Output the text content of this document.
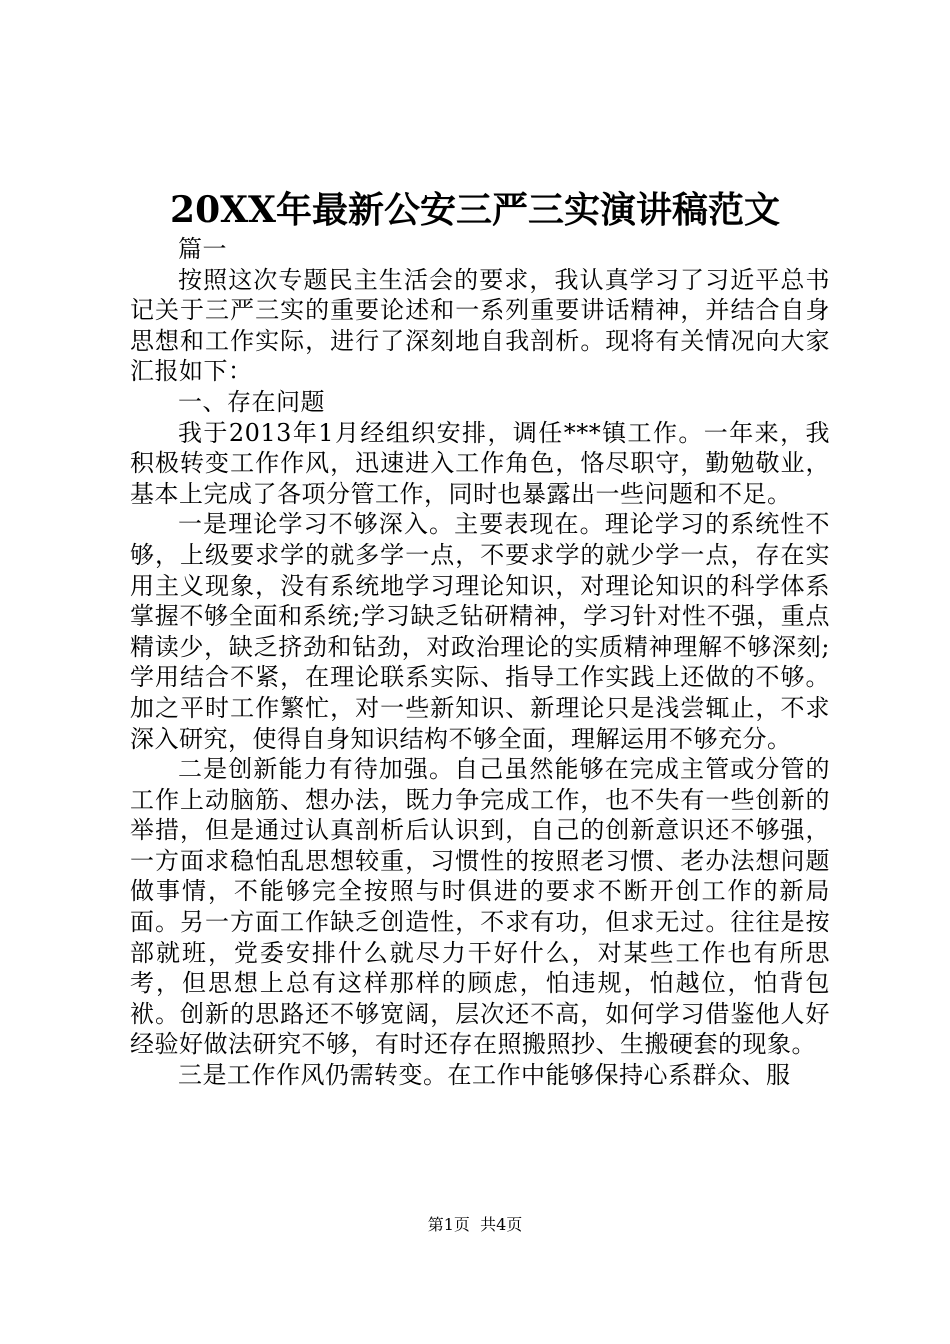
20XX年最新公安三严三实演讲稿范文

篇一

按照这次专题民主生活会的要求，我认真学习了习近平总书记关于三严三实的重要论述和一系列重要讲话精神，并结合自身思想和工作实际，进行了深刻地自我剖析。现将有关情况向大家汇报如下：

一、存在问题

我于2013年1月经组织安排，调任***镇工作。一年来，我积极转变工作作风，迅速进入工作角色，恪尽职守，勤勉敬业，基本上完成了各项分管工作，同时也暴露出一些问题和不足。

一是理论学习不够深入。主要表现在。理论学习的系统性不够，上级要求学的就多学一点，不要求学的就少学一点，存在实用主义现象，没有系统地学习理论知识，对理论知识的科学体系掌握不够全面和系统;学习缺乏钻研精神，学习针对性不强，重点精读少，缺乏挤劲和钻劲，对政治理论的实质精神理解不够深刻;学用结合不紧，在理论联系实际、指导工作实践上还做的不够。加之平时工作繁忙，对一些新知识、新理论只是浅尝辄止，不求深入研究，使得自身知识结构不够全面，理解运用不够充分。

二是创新能力有待加强。自己虽然能够在完成主管或分管的工作上动脑筋、想办法，既力争完成工作，也不失有一些创新的举措，但是通过认真剖析后认识到，自己的创新意识还不够强，一方面求稳怕乱思想较重，习惯性的按照老习惯、老办法想问题做事情，不能够完全按照与时俱进的要求不断开创工作的新局面。另一方面工作缺乏创造性，不求有功，但求无过。往往是按部就班，党委安排什么就尽力干好什么，对某些工作也有所思考，但思想上总有这样那样的顾虑，怕违规，怕越位，怕背包袱。创新的思路还不够宽阔，层次还不高，如何学习借鉴他人好经验好做法研究不够，有时还存在照搬照抄、生搬硬套的现象。

三是工作作风仍需转变。在工作中能够保持心系群众、服

第1页  共4页
